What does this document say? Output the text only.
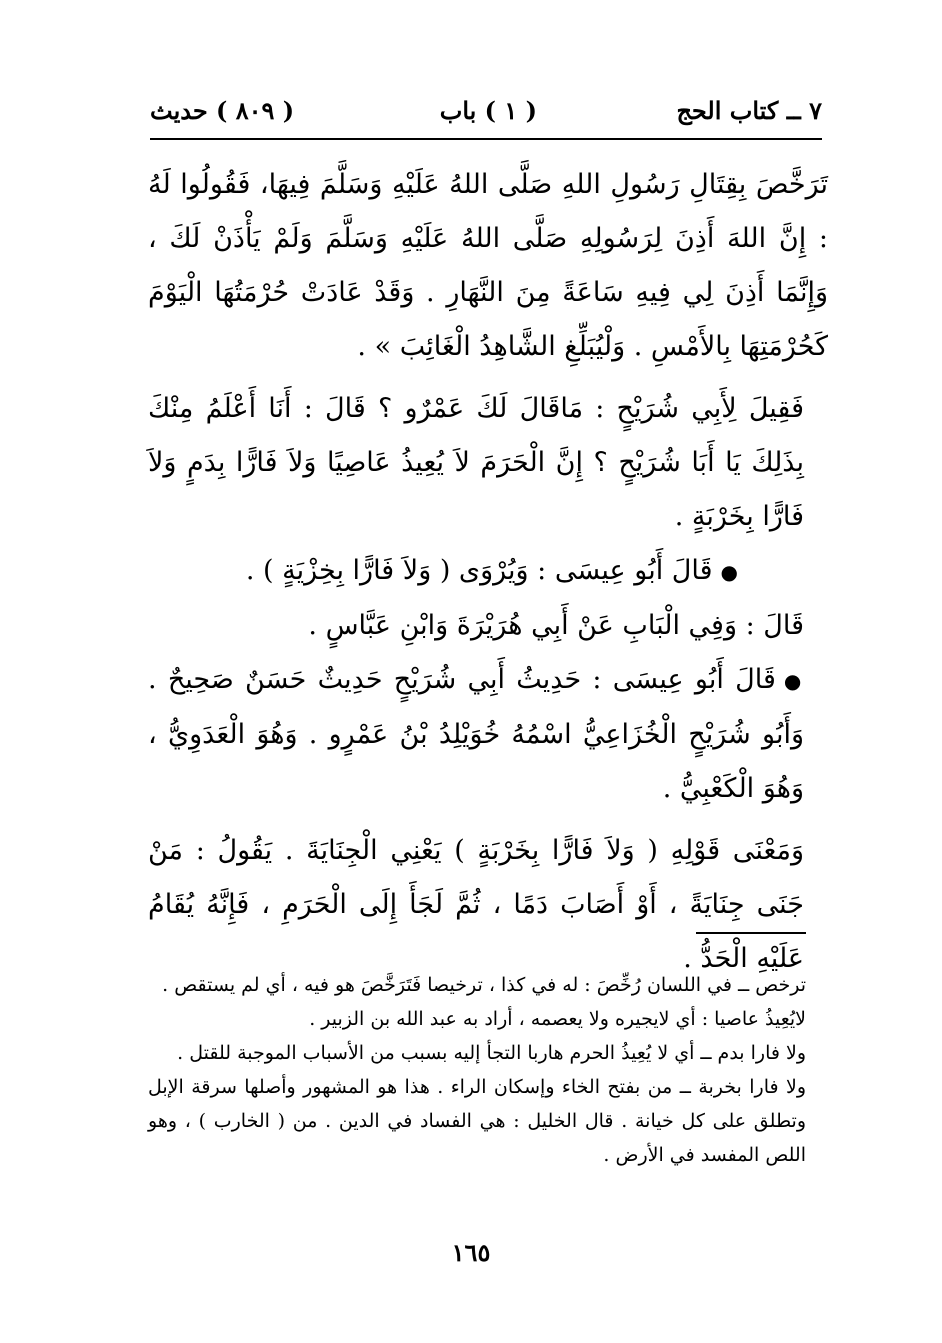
٧ ــ كتاب الحج
( ١ ) باب
( ٨٠٩ ) حديث

تَرَخَّصَ بِقِتَالِ رَسُولِ اللهِ صَلَّى اللهُ عَلَيْهِ وَسَلَّمَ فِيهَا، فَقُولُوا لَهُ : إِنَّ اللهَ أَذِنَ لِرَسُولِهِ صَلَّى اللهُ عَلَيْهِ وَسَلَّمَ وَلَمْ يَأْذَنْ لَكَ ، وَإِنَّمَا أَذِنَ لِي فِيهِ سَاعَةً مِنَ النَّهَارِ . وَقَدْ عَادَتْ حُرْمَتُهَا الْيَوْمَ كَحُرْمَتِهَا بِالأَمْسِ . وَلْيُبَلِّغِ الشَّاهِدُ الْغَائِبَ » .

فَقِيلَ لِأَبِي شُرَيْحٍ : مَاقَالَ لَكَ عَمْرٌو ؟ قَالَ : أَنَا أَعْلَمُ مِنْكَ بِذَلِكَ يَا أَبَا شُرَيْحٍ ؟ إِنَّ الْحَرَمَ لاَ يُعِيذُ عَاصِيًا وَلاَ فَارًّا بِدَمٍ وَلاَ فَارًّا بِخَرْبَةٍ .

●قَالَ أَبُو عِيسَى : وَيُرْوَى ( وَلاَ فَارًّا بِخِزْيَةٍ ) .

قَالَ : وَفِي الْبَابِ عَنْ أَبِي هُرَيْرَةَ وَابْنِ عَبَّاسٍ .

●قَالَ أَبُو عِيسَى : حَدِيثُ أَبِي شُرَيْحٍ حَدِيثٌ حَسَنٌ صَحِيحٌ . وَأَبُو شُرَيْحٍ الْخُزَاعِيُّ اسْمُهُ خُوَيْلِدُ بْنُ عَمْرٍو . وَهُوَ الْعَدَوِيُّ ، وَهُوَ الْكَعْبِيُّ .

وَمَعْنَى قَوْلِهِ ( وَلاَ فَارًّا بِخَرْبَةٍ ) يَعْنِي الْجِنَايَةَ . يَقُولُ : مَنْ جَنَى جِنَايَةً ، أَوْ أَصَابَ دَمًا ، ثُمَّ لَجَأَ إِلَى الْحَرَمِ ، فَإِنَّهُ يُقَامُ عَلَيْهِ الْحَدُّ .

ترخص ــ في اللسان رُخِّصَ : له في كذا ، ترخيصا فَتَرَخَّصَ هو فيه ، أي لم يستقص .

لايُعِيذُ عاصيا : أي لايجيره ولا يعصمه ، أراد به عبد الله بن الزبير .

ولا فارا بدم ــ أي لا يُعِيذُ الحرم هاربا التجأ إليه بسبب من الأسباب الموجبة للقتل .

ولا فارا بخربة ــ من بفتح الخاء وإسكان الراء . هذا هو المشهور وأصلها سرقة الإبل وتطلق على كل خيانة . قال الخليل : هي الفساد في الدين . من ( الخارب ) ، وهو اللص المفسد في الأرض .

١٦٥
